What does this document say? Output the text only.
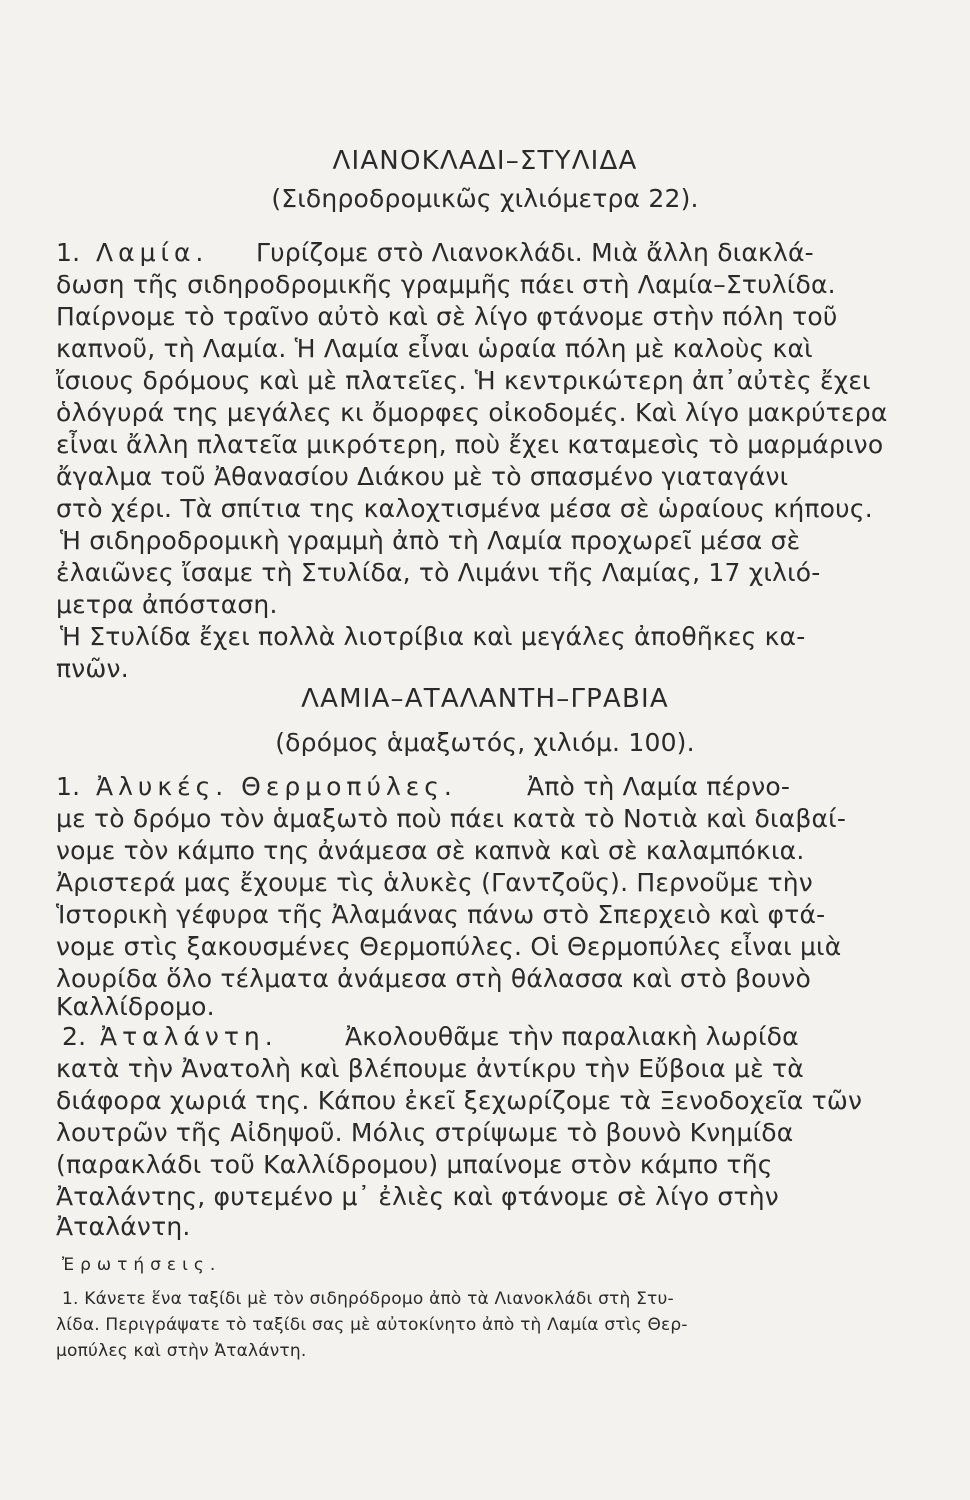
ΛΙΑΝΟΚΛΑΔΙ–ΣΤΥΛΙΔΑ
(Σιδηροδρομικῶς χιλιόμετρα 22).
1. Λαμία. Γυρίζομε στὸ Λιανοκλάδι. Μιὰ ἄλλη διακλά-
δωση τῆς σιδηροδρομικῆς γραμμῆς πάει στὴ Λαμία–Στυλίδα.
Παίρνομε τὸ τραῖνο αὐτὸ καὶ σὲ λίγο φτάνομε στὴν πόλη τοῦ
καπνοῦ, τὴ Λαμία. Ἡ Λαμία εἶναι ὡραία πόλη μὲ καλοὺς καὶ
ἴσιους δρόμους καὶ μὲ πλατεῖες. Ἡ κεντρικώτερη ἀπ᾿αὐτὲς ἔχει
ὁλόγυρά της μεγάλες κι ὄμορφες οἰκοδομές. Καὶ λίγο μακρύτερα
εἶναι ἄλλη πλατεῖα μικρότερη, ποὺ ἔχει καταμεσὶς τὸ μαρμάρινο
ἄγαλμα τοῦ Ἀθανασίου Διάκου μὲ τὸ σπασμένο γιαταγάνι
στὸ χέρι. Τὰ σπίτια της καλοχτισμένα μέσα σὲ ὡραίους κήπους.
Ἡ σιδηροδρομικὴ γραμμὴ ἀπὸ τὴ Λαμία προχωρεῖ μέσα σὲ
ἐλαιῶνες ἴσαμε τὴ Στυλίδα, τὸ Λιμάνι τῆς Λαμίας, 17 χιλιό-
μετρα ἀπόσταση.
Ἡ Στυλίδα ἔχει πολλὰ λιοτρίβια καὶ μεγάλες ἀποθῆκες κα-
πνῶν.
ΛΑΜΙΑ–ΑΤΑΛΑΝΤΗ–ΓΡΑΒΙΑ
(δρόμος ἁμαξωτός, χιλιόμ. 100).
1. Ἀλυκές. Θερμοπύλες.	Ἀπὸ τὴ Λαμία πέρνο-
με τὸ δρόμο τὸν ἁμαξωτὸ ποὺ πάει κατὰ τὸ Νοτιὰ καὶ διαβαί-
νομε τὸν κάμπο της ἀνάμεσα σὲ καπνὰ καὶ σὲ καλαμπόκια.
Ἀριστερά μας ἔχουμε τὶς ἁλυκὲς (Γαντζοῦς). Περνοῦμε τὴν
Ἱστορικὴ γέφυρα τῆς Ἀλαμάνας πάνω στὸ Σπερχειὸ καὶ φτά-
νομε στὶς ξακουσμένες Θερμοπύλες. Οἱ Θερμοπύλες εἶναι μιὰ
λουρίδα ὅλο τέλματα ἀνάμεσα στὴ θάλασσα καὶ στὸ βουνὸ
Καλλίδρομο.
2. Ἀταλάντη.	Ἀκολουθᾶμε τὴν παραλιακὴ λωρίδα
κατὰ τὴν Ἀνατολὴ καὶ βλέπουμε ἀντίκρυ τὴν Εὔβοια μὲ τὰ
διάφορα χωριά της. Κάπου ἐκεῖ ξεχωρίζομε τὰ Ξενοδοχεῖα τῶν
λουτρῶν τῆς Αἰδηψοῦ. Μόλις στρίψωμε τὸ βουνὸ Κνημίδα
(παρακλάδι τοῦ Καλλίδρομου) μπαίνομε στὸν κάμπο τῆς
Ἀταλάντης, φυτεμένο μ᾿ ἐλιὲς καὶ φτάνομε σὲ λίγο στὴν
Ἀταλάντη.
Ἐρωτήσεις.
1. Κάνετε ἕνα ταξίδι μὲ τὸν σιδηρόδρομο ἀπὸ τὰ Λιανοκλάδι στὴ Στυ-
λίδα. Περιγράψατε τὸ ταξίδι σας μὲ αὐτοκίνητο ἀπὸ τὴ Λαμία στὶς Θερ-
μοπύλες καὶ στὴν Ἀταλάντη.
